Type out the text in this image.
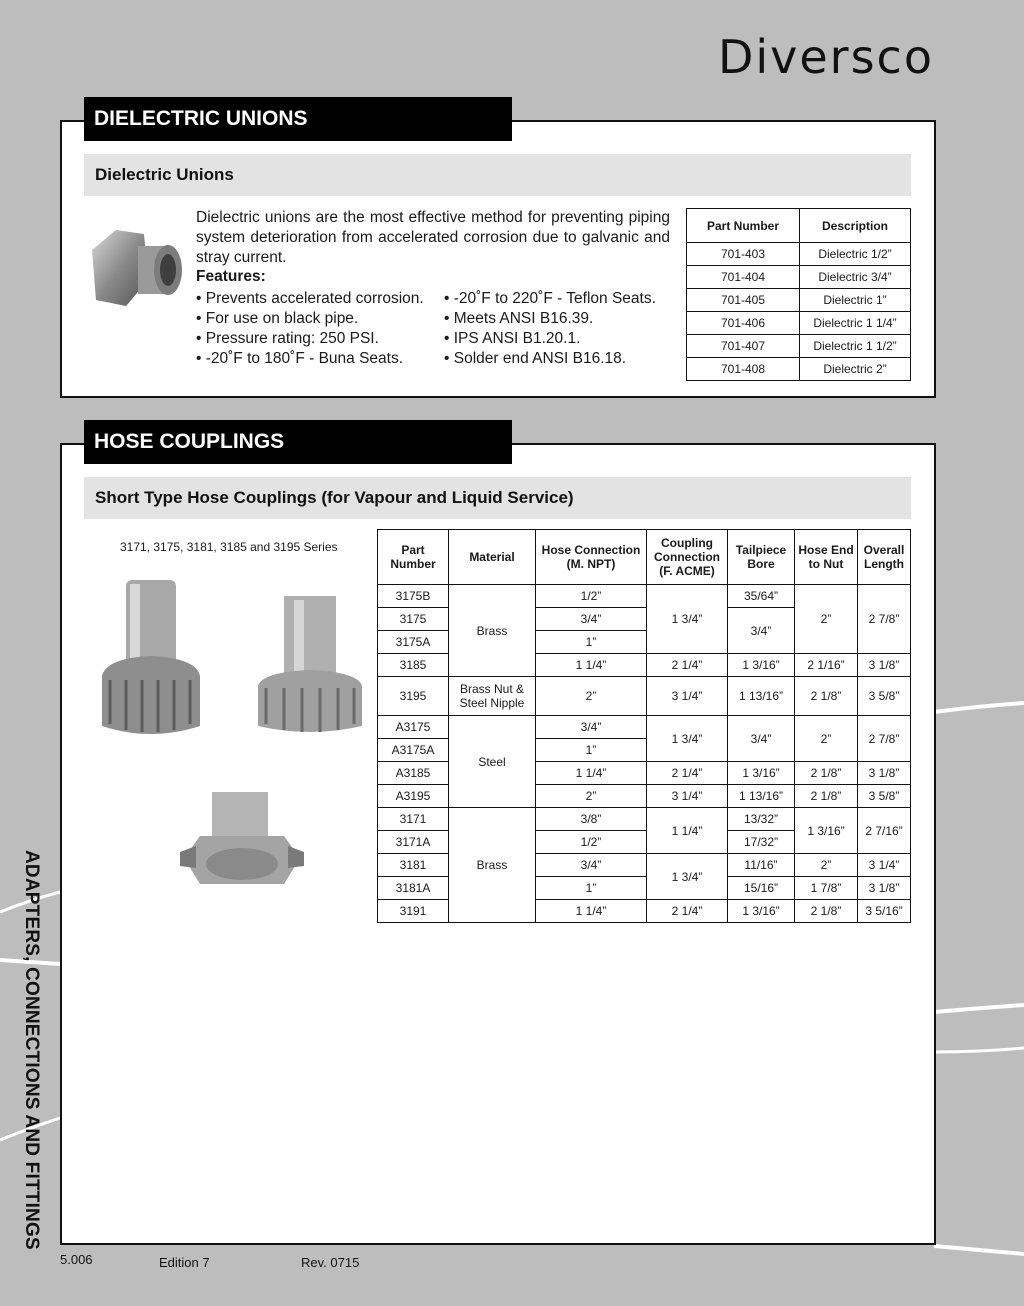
Diversco
DIELECTRIC UNIONS
Dielectric Unions
Dielectric unions are the most effective method for preventing piping system deterioration from accelerated corrosion due to galvanic and stray current.
Features:
• Prevents accelerated corrosion.
• For use on black pipe.
• Pressure rating: 250 PSI.
• -20˚F to 180˚F - Buna Seats.
• -20˚F to 220˚F - Teflon Seats.
• Meets ANSI B16.39.
• IPS ANSI B1.20.1.
• Solder end ANSI B16.18.
Part Number	Description
701-403	Dielectric 1/2”
701-404	Dielectric 3/4”
701-405	Dielectric 1”
701-406	Dielectric 1 1/4”
701-407	Dielectric 1 1/2”
701-408	Dielectric 2”
HOSE COUPLINGS
Short Type Hose Couplings (for Vapour and Liquid Service)
3171, 3175, 3181, 3185 and 3195 Series	Part Number	Material	Hose Connection (M. NPT)	Coupling Connection (F. ACME)	Tailpiece Bore	Hose End to Nut	Overall Length
3175B	Brass	1/2”	1 3/4”	35/64”	2”	2 7/8”
3175		3/4”		3/4”		
3175A		1”				
3185		1 1/4”	2 1/4”	1 3/16”	2 1/16”	3 1/8”
3195	Brass Nut & Steel Nipple	2”	3 1/4”	1 13/16”	2 1/8”	3 5/8”
A3175	Steel	3/4”	1 3/4”	3/4”	2”	2 7/8”
A3175A		1”				
A3185		1 1/4”	2 1/4”	1 3/16”	2 1/8”	3 1/8”
A3195		2”	3 1/4”	1 13/16”	2 1/8”	3 5/8”
3171	Brass	3/8”	1 1/4”	13/32”	1 3/16”	2 7/16”
3171A		1/2”		17/32”		
3181		3/4”	1 3/4”	11/16”	2”	3 1/4”
3181A		1”		15/16”	1 7/8”	3 1/8”
3191		1 1/4”	2 1/4”	1 3/16”	2 1/8”	3 5/16”
ADAPTERS, CONNECTIONS AND FITTINGS
5.006	Edition 7	Rev. 0715
